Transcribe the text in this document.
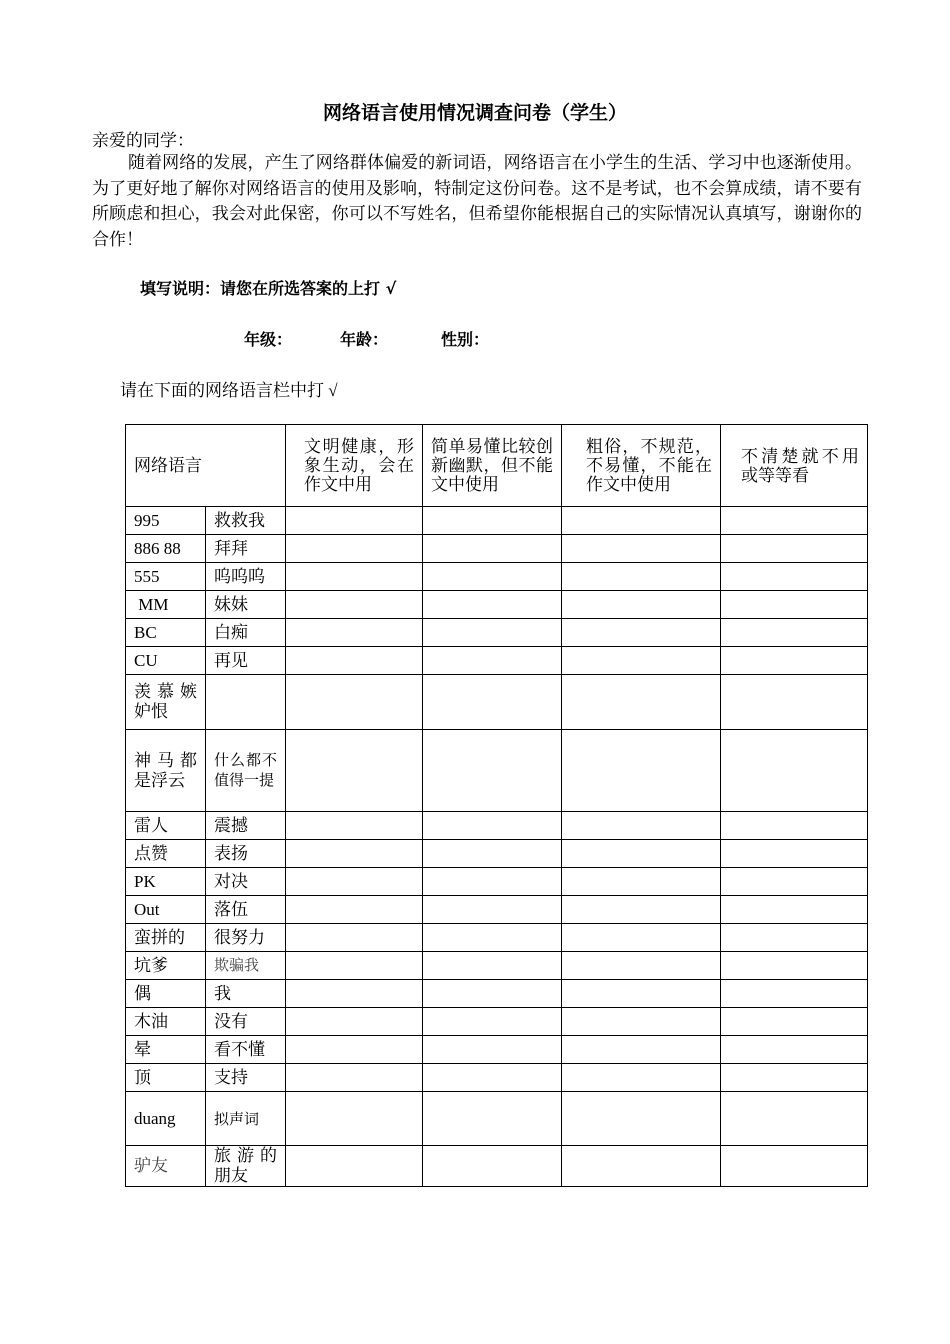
网络语言使用情况调查问卷（学生）
亲爱的同学：
随着网络的发展，产生了网络群体偏爱的新词语，网络语言在小学生的生活、学习中也逐渐使用。为了更好地了解你对网络语言的使用及影响，特制定这份问卷。这不是考试，也不会算成绩，请不要有所顾虑和担心，我会对此保密，你可以不写姓名，但希望你能根据自己的实际情况认真填写，谢谢你的合作！
填写说明：请您在所选答案的上打 √
年级：	年龄：	性别：
请在下面的网络语言栏中打 √
网络语言		文明健康，形象生动，会在作文中用	简单易懂比较创新幽默，但不能文中使用	粗俗，不规范，不易懂，不能在作文中使用	不清楚就不用或等等看
995	救救我				
886 88	拜拜				
555	呜呜呜				
MM	妹妹				
BC	白痴				
CU	再见				
羡慕嫉妒恨					
神马都是浮云	什么都不值得一提				
雷人	震撼				
点赞	表扬				
PK	对决				
Out	落伍				
蛮拼的	很努力				
坑爹	欺骗我				
偶	我				
木油	没有				
晕	看不懂				
顶	支持				
duang	拟声词				
驴友	旅游的朋友				
